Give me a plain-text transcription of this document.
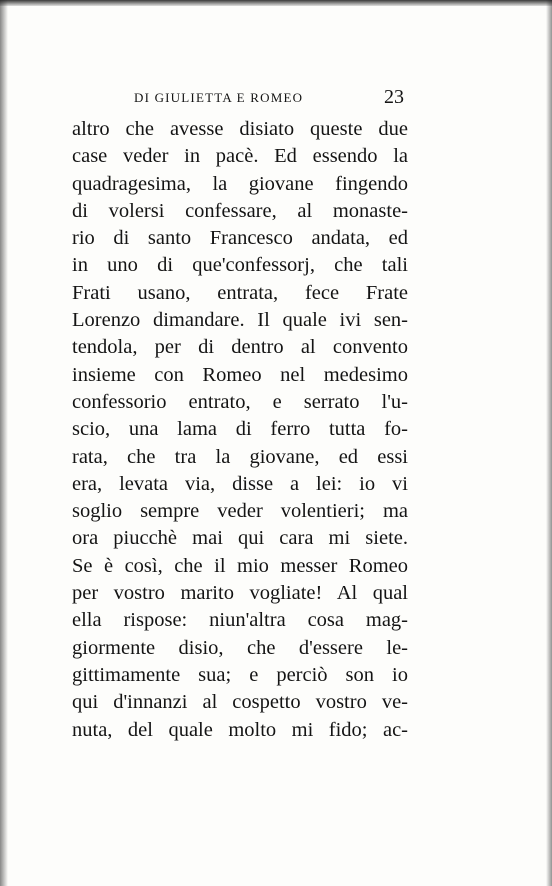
DI GIULIETTA E ROMEO	23
altro che avesse disiato queste due
case veder in pacè. Ed essendo la
quadragesima, la giovane fingendo
di volersi confessare, al monaste-
rio di santo Francesco andata, ed
in uno di que'confessorj, che tali
Frati usano, entrata, fece Frate
Lorenzo dimandare. Il quale ivi sen-
tendola, per di dentro al convento
insieme con Romeo nel medesimo
confessorio entrato, e serrato l'u-
scio, una lama di ferro tutta fo-
rata, che tra la giovane, ed essi
era, levata via, disse a lei: io vi
soglio sempre veder volentieri; ma
ora piucchè mai qui cara mi siete.
Se è così, che il mio messer Romeo
per vostro marito vogliate! Al qual
ella rispose: niun'altra cosa mag-
giormente disio, che d'essere le-
gittimamente sua; e perciò son io
qui d'innanzi al cospetto vostro ve-
nuta, del quale molto mi fido; ac-
